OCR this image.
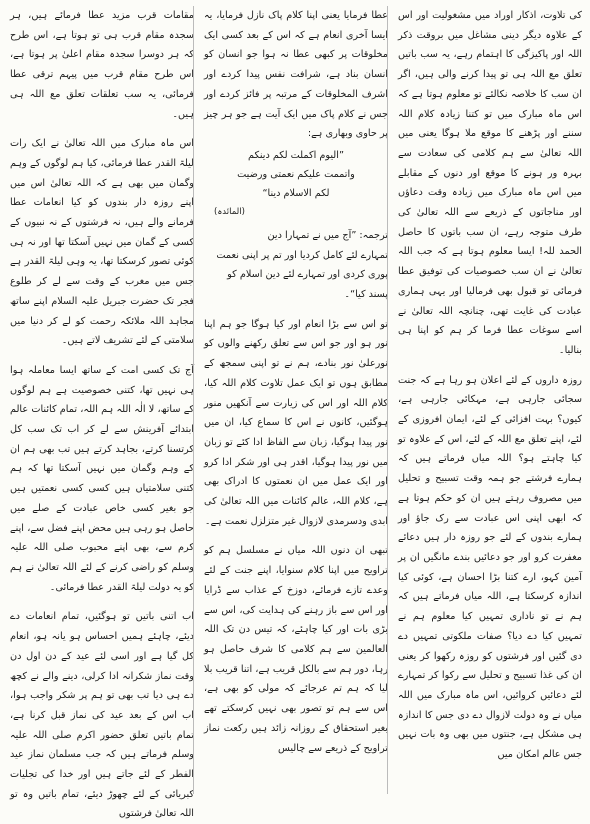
کی تلاوت، اذکار اوراد میں مشغولیت اور اس کے علاوہ دیگر دینی مشاغل میں بروقت ذکر اللہ اور پاکیزگی کا اہتمام رہے، یہ سب باتیں تعلق مع اللہ ہی تو پیدا کرنے والی ہیں، اگر ان سب کا خلاصہ نکالئے تو معلوم ہوتا ہے کہ اس ماہ مبارک میں تو کتنا زیادہ کلام اللہ سننے اور پڑھنے کا موقع ملا ہوگا یعنی میں اللہ تعالیٰ سے ہم کلامی کی سعادت سے بہرہ ور ہونے کا موقع اور دنوں کے مقابلے میں اس ماہ مبارک میں زیادہ وقت دعاؤں اور مناجاتوں کے ذریعے سے اللہ تعالیٰ کی طرف متوجہ رہے، ان سب باتوں کا حاصل الحمد للہ! ایسا معلوم ہوتا ہے کہ جب اللہ تعالیٰ نے ان سب خصوصیات کی توفیق عطا فرمائی تو قبول بھی فرمالیا اور یہی ہماری عبادت کی غایت تھی، چنانچہ اللہ تعالیٰ نے اسے سوغات عطا فرما کر ہم کو اپنا ہی بنالیا۔

روزہ داروں کے لئے اعلان ہو رہا ہے کہ جنت سجائی جارہی ہے، مہکائی جارہی ہے، کیوں؟ بہت افزائی کے لئے، ایمان افروزی کے لئے، اپنے تعلق مع اللہ کے لئے، اس کے علاوہ تو کیا چاہتے ہو؟ اللہ میاں فرماتے ہیں کہ ہمارے فرشتے جو ہمہ وقت تسبیح و تحلیل میں مصروف رہتے ہیں ان کو حکم ہوتا ہے کہ ابھی اپنی اس عبادت سے رک جاؤ اور ہمارے بندوں کے لئے جو روزہ دار ہیں دعائے مغفرت کرو اور جو دعائیں بندے مانگیں ان پر آمین کہو، ارے کتنا بڑا احسان ہے، کوئی کیا اندازہ کرسکتا ہے، اللہ میاں فرماتے ہیں کہ ہم نے تو ناداری تمہیں کیا معلوم ہم نے تمہیں کیا دے دیا؟ صفات ملکوتی تمہیں دے دی گئیں اور فرشتوں کو روزہ رکھوا کر یعنی ان کی غذا تسبیح و تحلیل سے رکوا کر تمہارے لئے دعائیں کروائیں، اس ماہ مبارک میں اللہ میاں نے وہ دولت لازوال دے دی جس کا اندازہ ہی مشکل ہے، جنتوں میں بھی وہ بات نہیں جس عالم امکان میں

عطا فرمایا یعنی اپنا کلام پاک نازل فرمایا، یہ ایسا آخری انعام ہے کہ اس کے بعد کسی ایک مخلوقات پر کبھی عطا نہ ہوا جو انسان کو انسان بناد ہے، شرافت نفس پیدا کردے اور اشرف المخلوقات کے مرتبہ پر فائز کردے اور جس نے کلام پاک میں ایک آیت ہے جو ہر چیز پر حاوی وبھاری ہے:

”الیوم اکملت لکم دینکم
واتممت علیکم نعمتی ورضیت
لکم الاسلام دینا“
(المائدہ)
ترجمہ: ”آج میں نے تمہارا دین
تمہارے لئے کامل کردیا اور تم پر اپنی نعمت
پوری کردی اور تمہارے لئے دین اسلام کو
پسند کیا“۔

تو اس سے بڑا انعام اور کیا ہوگا جو ہم اپنا نور ہو اور جو اس سے تعلق رکھنے والوں کو نورعلیٰ نور بنادے، ہم نے تو اپنی سمجھ کے مطابق ہوں تو ایک عمل تلاوت کلام اللہ کیا، کلام اللہ اور اس کی زیارت سے آنکھیں منور ہوگئیں، کانوں نے اس کا سماع کیا، ان میں نور پیدا ہوگیا، زبان سے الفاظ ادا کئے تو زبان میں نور پیدا ہوگیا، اقدر ہی اور شکر ادا کرو اور ایک عمل میں ان نعمتوں کا ادراک بھی ہے، کلام اللہ، عالم کائنات میں اللہ تعالیٰ کی ابدی ودسرمدی لازوال غیر متزلزل نعمت ہے۔

تبھی ان دنوں اللہ میاں نے مسلسل ہم کو تراویح میں اپنا کلام سنوایا، اپنے جنت کے لئے وعدے تازے فرمائے، دوزخ کے عذاب سے ڈرایا اور اس سے باز رہنے کی ہدایت کی، اس سے بڑی بات اور کیا چاہئے، کہ تیس دن تک اللہ العالمین سے ہم کلامی کا شرف حاصل ہو رہا، دور ہم سے بالکل قریب ہے، اتنا قریب بلا لیا کہ ہم تم عرجائے کہ مولی کو بھی ہے، اس سے ہم تو تصور بھی نہیں کرسکتے تھے بغیر استحقاق کے روزانہ زائد ہیں رکعت نماز تراویح کے ذریعے سے چالیس

مقامات قرب مزید عطا فرمائے ہیں، ہر سجدہ مقام قرب ہی تو ہوتا ہے، اس طرح کہ ہر دوسرا سجدہ مقام اعلیٰ پر ہوتا ہے، اس طرح مقام قرب میں پیہم ترقی عطا فرمائی، یہ سب تعلقات تعلق مع اللہ ہی ہیں۔

اس ماہ مبارک میں اللہ تعالیٰ نے ایک رات لیلۃ القدر عطا فرمائی، کیا ہم لوگوں کے وہم وگمان میں بھی ہے کہ اللہ تعالیٰ اس میں اپنے روزہ دار بندوں کو کیا انعامات عطا فرمانے والے ہیں، نہ فرشتوں کے نہ نبیوں کے کسی کے گمان میں نہیں آسکتا تھا اور نہ ہی کوئی تصور کرسکتا تھا، یہ وہی لیلۃ القدر ہے جس میں مغرب کے وقت سے لے کر طلوع فجر تک حضرت جبریل علیہ السلام اپنے ساتھ مجاہد اللہ ملائکہ رحمت کو لے کر دنیا میں سلامتی کے لئے تشریف لاتے ہیں۔

آج تک کسی امت کے ساتھ ایسا معاملہ ہوا ہی نہیں تھا، کتنی خصوصیت ہے ہم لوگوں کے ساتھ، لا الٰہ اللہ ہم اللہ، تمام کائنات عالم ابتدائے آفرینش سے لے کر اب تک سب کل کرتسنا کرتے، بجاہد کرتے ہیں تب بھی ہم ان کے وہم وگمان میں نہیں آسکتا تھا کہ ہم کتنی سلامتیاں ہیں کسی کسی نعمتیں ہیں جو بغیر کسی خاص عبادت کے صلے میں حاصل ہو رہی ہیں محض اپنے فضل سے، اپنے کرم سے، بھی اپنے محبوب صلی اللہ علیہ وسلم کو راضی کرنے کے لئے اللہ تعالیٰ نے ہم کو یہ دولت لیلۃ القدر عطا فرمائی۔

اب اتنی باتیں تو ہوگئیں، تمام انعامات دے دیئے، چاہئے ہمیں احساس ہو یانہ ہو، انعام کل گیا ہے اور اسی لئے عید کے دن اول دن وقت نماز شکرانہ ادا کرلی، دینے والے نے کچھ دے ہی دیا تب بھی تو ہم پر شکر واجب ہوا، اب اس کے بعد عید کی نماز قبل کرنا ہے، تمام باتیں تعلق حضور اکرم صلی اللہ علیہ وسلم فرماتے ہیں کہ جب مسلمان نماز عید الفطر کے لئے جاتے ہیں اور خدا کی تجلیات کبریائی کے لئے چھوڑ دیئے، تمام باتیں وہ تو اللہ تعالیٰ فرشتوں
